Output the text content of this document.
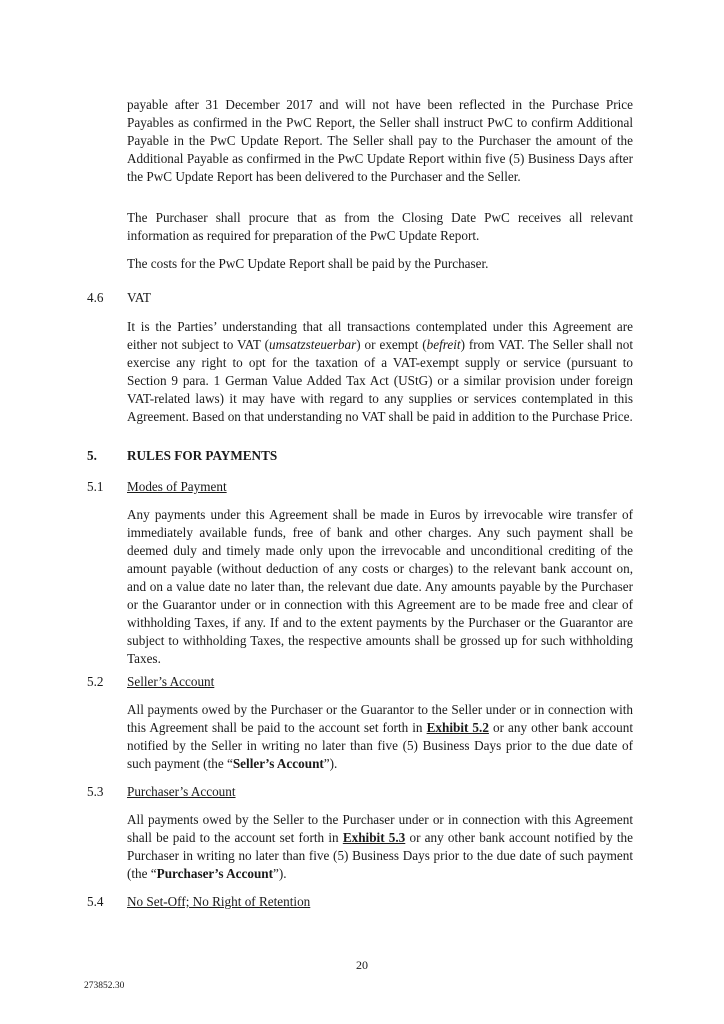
payable after 31 December 2017 and will not have been reflected in the Purchase Price Payables as confirmed in the PwC Report, the Seller shall instruct PwC to confirm Additional Payable in the PwC Update Report. The Seller shall pay to the Purchaser the amount of the Additional Payable as confirmed in the PwC Update Report within five (5) Business Days after the PwC Update Report has been delivered to the Purchaser and the Seller.

The Purchaser shall procure that as from the Closing Date PwC receives all relevant information as required for preparation of the PwC Update Report.

The costs for the PwC Update Report shall be paid by the Purchaser.

4.6 VAT

It is the Parties’ understanding that all transactions contemplated under this Agreement are either not subject to VAT (umsatzsteuerbar) or exempt (befreit) from VAT. The Seller shall not exercise any right to opt for the taxation of a VAT-exempt supply or service (pursuant to Section 9 para. 1 German Value Added Tax Act (UStG) or a similar provision under foreign VAT-related laws) it may have with regard to any supplies or services contemplated in this Agreement. Based on that understanding no VAT shall be paid in addition to the Purchase Price.

5. RULES FOR PAYMENTS
5.1 Modes of Payment

Any payments under this Agreement shall be made in Euros by irrevocable wire transfer of immediately available funds, free of bank and other charges. Any such payment shall be deemed duly and timely made only upon the irrevocable and unconditional crediting of the amount payable (without deduction of any costs or charges) to the relevant bank account on, and on a value date no later than, the relevant due date. Any amounts payable by the Purchaser or the Guarantor under or in connection with this Agreement are to be made free and clear of withholding Taxes, if any. If and to the extent payments by the Purchaser or the Guarantor are subject to withholding Taxes, the respective amounts shall be grossed up for such withholding Taxes.

5.2 Seller’s Account

All payments owed by the Purchaser or the Guarantor to the Seller under or in connection with this Agreement shall be paid to the account set forth in Exhibit 5.2 or any other bank account notified by the Seller in writing no later than five (5) Business Days prior to the due date of such payment (the “Seller’s Account”).

5.3 Purchaser’s Account

All payments owed by the Seller to the Purchaser under or in connection with this Agreement shall be paid to the account set forth in Exhibit 5.3 or any other bank account notified by the Purchaser in writing no later than five (5) Business Days prior to the due date of such payment (the “Purchaser’s Account”).

5.4 No Set-Off; No Right of Retention
20
273852.30
